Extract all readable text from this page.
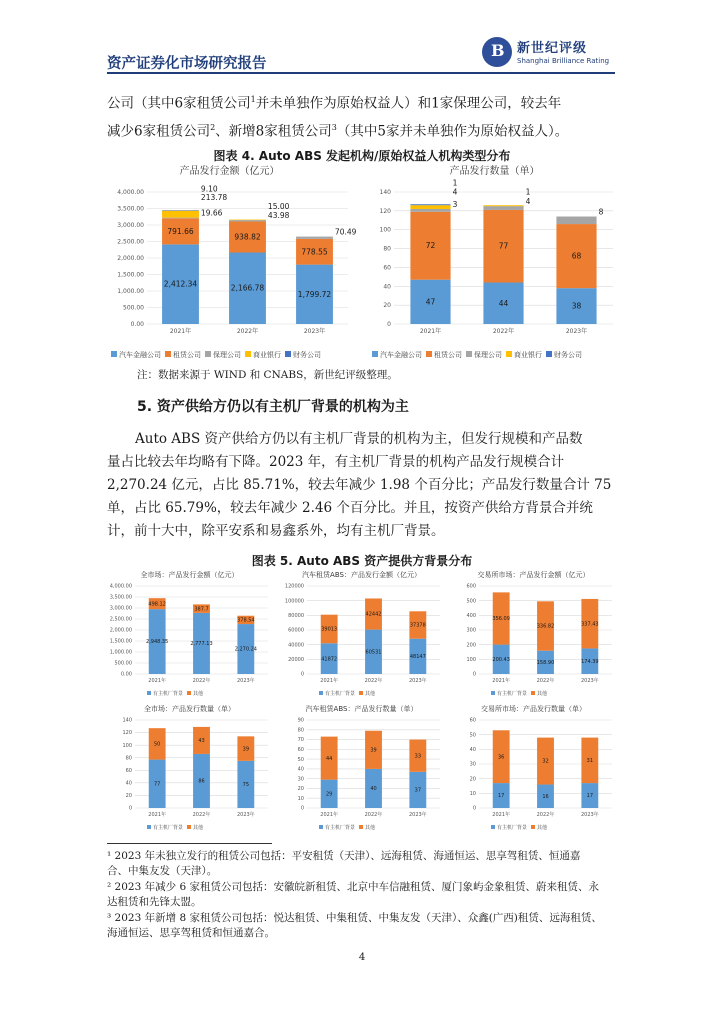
资产证券化市场研究报告
B 新世纪评级
Shanghai Brilliance Rating
公司（其中6家租赁公司$^1$并未单独作为原始权益人）和1家保理公司，较去年
减少6家租赁公司$^2$、新增8家租赁公司$^3$（其中5家并未单独作为原始权益人）。
图表 4. Auto ABS 发起机构/原始权益人机构类型分布
产品发行金额（亿元）
0.00
500.00
1,000.00
1,500.00
2,000.00
2,500.00
3,000.00
3,500.00
4,000.00
2021年
2,412.34
791.66
19.66
213.78
9.10
2022年
2,166.78
938.82
43.98
15.00
2023年
1,799.72
778.55
70.49
汽车金融公司 租赁公司 保理公司 商业银行 财务公司
产品发行数量（单）
0
20
40
60
80
100
120
140
2021年
47
72
3
4
1
2022年
44
77
4
1
2023年
38
68
8
汽车金融公司 租赁公司 保理公司 商业银行 财务公司
注：数据来源于 WIND 和 CNABS，新世纪评级整理。
5. 资产供给方仍以有主机厂背景的机构为主
Auto ABS 资产供给方仍以有主机厂背景的机构为主，但发行规模和产品数
量占比较去年均略有下降。2023 年，有主机厂背景的机构产品发行规模合计
2,270.24 亿元，占比 85.71%，较去年减少 1.98 个百分比；产品发行数量合计 75
单，占比 65.79%，较去年减少 2.46 个百分比。并且，按资产供给方背景合并统
计，前十大中，除平安系和易鑫系外，均有主机厂背景。
图表 5. Auto ABS 资产提供方背景分布
全市场：产品发行金额（亿元）
0.00
500.00
1,000.00
1,500.00
2,000.00
2,500.00
3,000.00
3,500.00
4,000.00
2021年
2,948.35
498.12
2022年
2,777.13
387.7
2023年
2,270.24
378.54
有主机厂背景 其他
汽车租赁ABS：产品发行金额（亿元）
0
20000
40000
60000
80000
100000
120000
2021年
41872
39013
2022年
60531
42442
2023年
48147
37378
有主机厂背景 其他
交易所市场：产品发行金额（亿元）
0
100
200
300
400
500
600
2021年
200.43
356.09
2022年
158.90
336.82
2023年
174.39
337.43
有主机厂背景 其他
全市场：产品发行数量（单）
0
20
40
60
80
100
120
140
2021年
77
50
2022年
86
43
2023年
75
39
有主机厂背景 其他
汽车租赁ABS：产品发行数量（单）
0
10
20
30
40
50
60
70
80
90
2021年
29
44
2022年
40
39
2023年
37
33
有主机厂背景 其他
交易所市场：产品发行数量（单）
0
10
20
30
40
50
60
2021年
17
36
2022年
16
32
2023年
17
31
有主机厂背景 其他
¹ 2023 年未独立发行的租赁公司包括：平安租赁（天津）、远海租赁、海通恒运、思享驾租赁、恒通嘉
合、中集友发（天津）。
² 2023 年减少 6 家租赁公司包括：安徽皖新租赁、北京中车信融租赁、厦门象屿金象租赁、蔚来租赁、永
达租赁和先锋太盟。
³ 2023 年新增 8 家租赁公司包括：悦达租赁、中集租赁、中集友发（天津）、众鑫(广西)租赁、远海租赁、
海通恒运、思享驾租赁和恒通嘉合。
4
